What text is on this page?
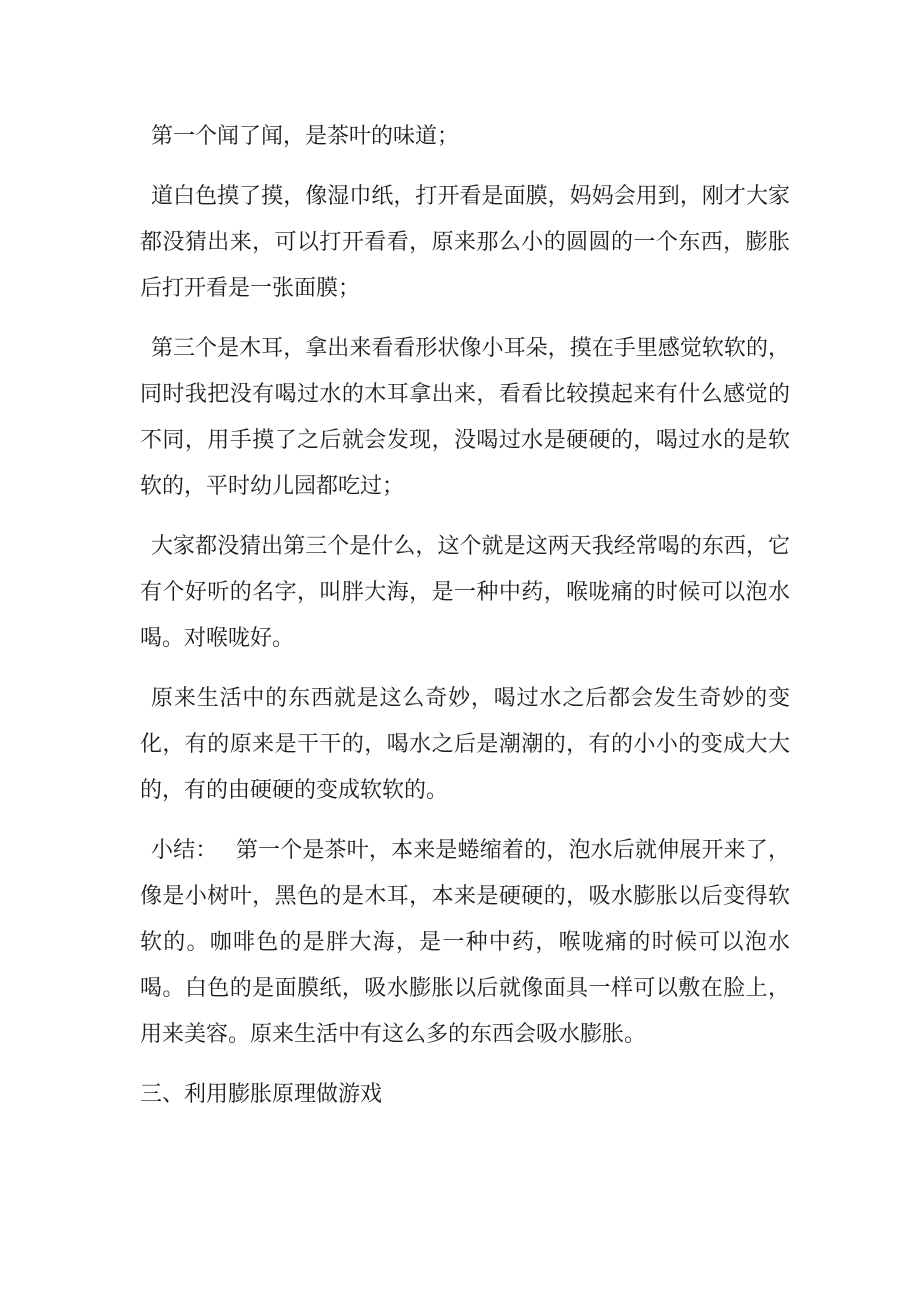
第一个闻了闻，是茶叶的味道；

道白色摸了摸，像湿巾纸，打开看是面膜，妈妈会用到，刚才大家都没猜出来，可以打开看看，原来那么小的圆圆的一个东西，膨胀后打开看是一张面膜；

第三个是木耳，拿出来看看形状像小耳朵，摸在手里感觉软软的，同时我把没有喝过水的木耳拿出来，看看比较摸起来有什么感觉的不同，用手摸了之后就会发现，没喝过水是硬硬的，喝过水的是软软的，平时幼儿园都吃过；

大家都没猜出第三个是什么，这个就是这两天我经常喝的东西，它有个好听的名字，叫胖大海，是一种中药，喉咙痛的时候可以泡水喝。对喉咙好。

原来生活中的东西就是这么奇妙，喝过水之后都会发生奇妙的变化，有的原来是干干的，喝水之后是潮潮的，有的小小的变成大大的，有的由硬硬的变成软软的。

小结：　 第一个是茶叶，本来是蜷缩着的，泡水后就伸展开来了，像是小树叶，黑色的是木耳，本来是硬硬的，吸水膨胀以后变得软软的。咖啡色的是胖大海，是一种中药，喉咙痛的时候可以泡水喝。白色的是面膜纸，吸水膨胀以后就像面具一样可以敷在脸上，用来美容。原来生活中有这么多的东西会吸水膨胀。

三、利用膨胀原理做游戏
